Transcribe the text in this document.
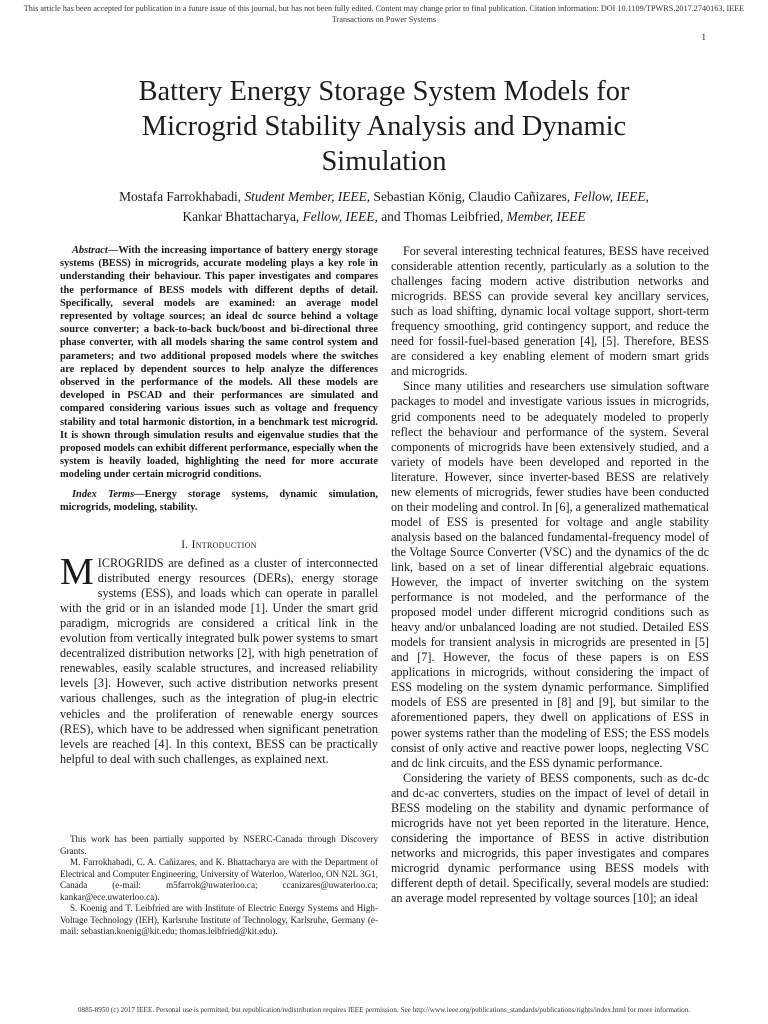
This article has been accepted for publication in a future issue of this journal, but has not been fully edited. Content may change prior to final publication. Citation information: DOI 10.1109/TPWRS.2017.2740163, IEEE
Transactions on Power Systems
1
Battery Energy Storage System Models for
Microgrid Stability Analysis and Dynamic
Simulation
Mostafa Farrokhabadi, Student Member, IEEE, Sebastian König, Claudio Cañizares, Fellow, IEEE,
Kankar Bhattacharya, Fellow, IEEE, and Thomas Leibfried, Member, IEEE

Abstract—With the increasing importance of battery energy storage systems (BESS) in microgrids, accurate modeling plays a key role in understanding their behaviour. This paper investigates and compares the performance of BESS models with different depths of detail. Specifically, several models are examined: an average model represented by voltage sources; an ideal dc source behind a voltage source converter; a back-to-back buck/boost and bi-directional three phase converter, with all models sharing the same control system and parameters; and two additional proposed models where the switches are replaced by dependent sources to help analyze the differences observed in the performance of the models. All these models are developed in PSCAD and their performances are simulated and compared considering various issues such as voltage and frequency stability and total harmonic distortion, in a benchmark test microgrid. It is shown through simulation results and eigenvalue studies that the proposed models can exhibit different performance, especially when the system is heavily loaded, highlighting the need for more accurate modeling under certain microgrid conditions.

Index Terms—Energy storage systems, dynamic simulation, microgrids, modeling, stability.

I. Introduction

MICROGRIDS are defined as a cluster of interconnected distributed energy resources (DERs), energy storage systems (ESS), and loads which can operate in parallel with the grid or in an islanded mode [1]. Under the smart grid paradigm, microgrids are considered a critical link in the evolution from vertically integrated bulk power systems to smart decentralized distribution networks [2], with high penetration of renewables, easily scalable structures, and increased reliability levels [3]. However, such active distribution networks present various challenges, such as the integration of plug-in electric vehicles and the proliferation of renewable energy sources (RES), which have to be addressed when significant penetration levels are reached [4]. In this context, BESS can be practically helpful to deal with such challenges, as explained next.

This work has been partially supported by NSERC-Canada through Discovery Grants.

M. Farrokhabadi, C. A. Cañizares, and K. Bhattacharya are with the Department of Electrical and Computer Engineering, University of Waterloo, Waterloo, ON N2L 3G1, Canada (e-mail: m5farrok@uwaterloo.ca; ccanizares@uwaterloo.ca; kankar@ece.uwaterloo.ca).

S. Koenig and T. Leibfried are with Institute of Electric Energy Systems and High-Voltage Technology (IEH), Karlsruhe Institute of Technology, Karlsruhe, Germany (e-mail: sebastian.koenig@kit.edu; thomas.leibfried@kit.edu).

For several interesting technical features, BESS have received considerable attention recently, particularly as a solution to the challenges facing modern active distribution networks and microgrids. BESS can provide several key ancillary services, such as load shifting, dynamic local voltage support, short-term frequency smoothing, grid contingency support, and reduce the need for fossil-fuel-based generation [4], [5]. Therefore, BESS are considered a key enabling element of modern smart grids and microgrids.

Since many utilities and researchers use simulation software packages to model and investigate various issues in microgrids, grid components need to be adequately modeled to properly reflect the behaviour and performance of the system. Several components of microgrids have been extensively studied, and a variety of models have been developed and reported in the literature. However, since inverter-based BESS are relatively new elements of microgrids, fewer studies have been conducted on their modeling and control. In [6], a generalized mathematical model of ESS is presented for voltage and angle stability analysis based on the balanced fundamental-frequency model of the Voltage Source Converter (VSC) and the dynamics of the dc link, based on a set of linear differential algebraic equations. However, the impact of inverter switching on the system performance is not modeled, and the performance of the proposed model under different microgrid conditions such as heavy and/or unbalanced loading are not studied. Detailed ESS models for transient analysis in microgrids are presented in [5] and [7]. However, the focus of these papers is on ESS applications in microgrids, without considering the impact of ESS modeling on the system dynamic performance. Simplified models of ESS are presented in [8] and [9], but similar to the aforementioned papers, they dwell on applications of ESS in power systems rather than the modeling of ESS; the ESS models consist of only active and reactive power loops, neglecting VSC and dc link circuits, and the ESS dynamic performance.

Considering the variety of BESS components, such as dc-dc and dc-ac converters, studies on the impact of level of detail in BESS modeling on the stability and dynamic performance of microgrids have not yet been reported in the literature. Hence, considering the importance of BESS in active distribution networks and microgrids, this paper investigates and compares microgrid dynamic performance using BESS models with different depth of detail. Specifically, several models are studied: an average model represented by voltage sources [10]; an ideal

0885-8950 (c) 2017 IEEE. Personal use is permitted, but republication/redistribution requires IEEE permission. See http://www.ieee.org/publications_standards/publications/rights/index.html for more information.
